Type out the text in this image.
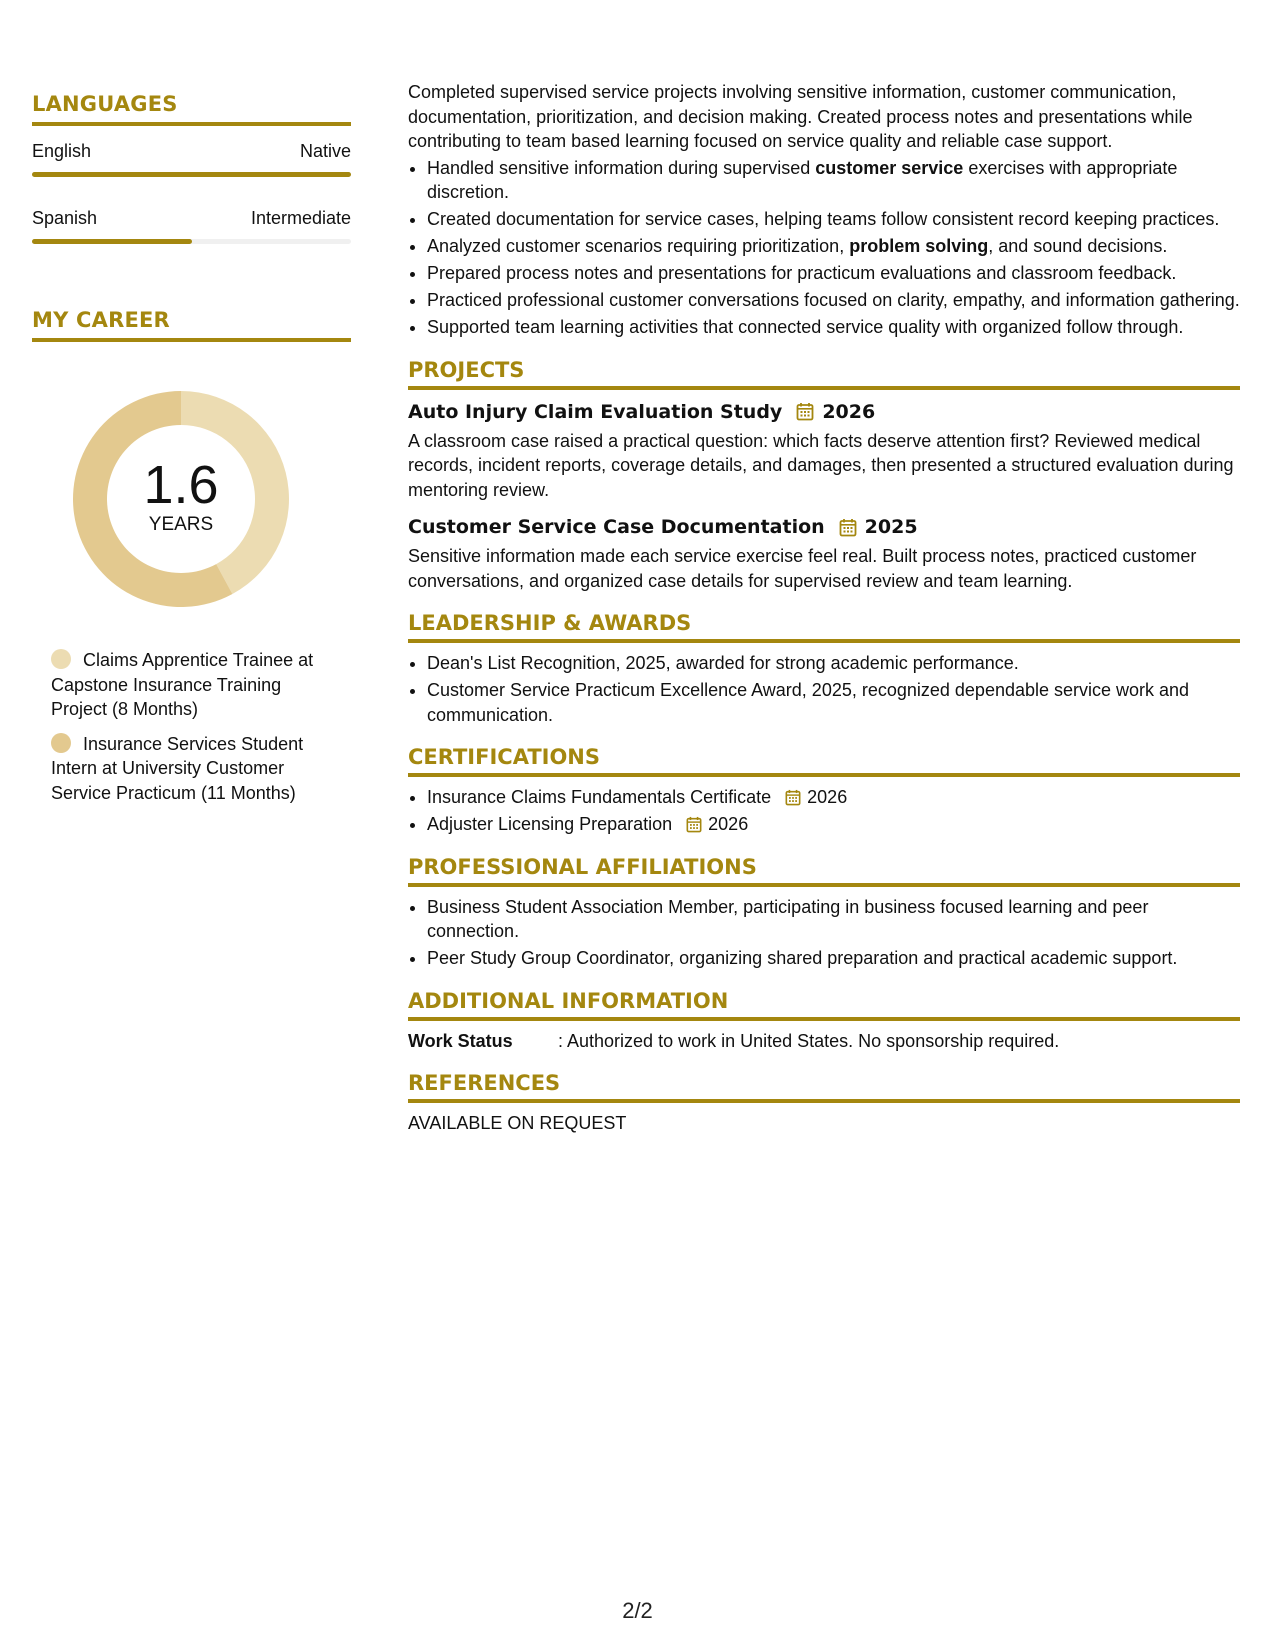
LANGUAGES
English	Native
Spanish	Intermediate
MY CAREER
1.6
YEARS
Claims Apprentice Trainee at Capstone Insurance Training Project (8 Months)
Insurance Services Student Intern at University Customer Service Practicum (11 Months)

Completed supervised service projects involving sensitive information, customer communication, documentation, prioritization, and decision making. Created process notes and presentations while contributing to team based learning focused on service quality and reliable case support.

• Handled sensitive information during supervised customer service exercises with appropriate discretion.
• Created documentation for service cases, helping teams follow consistent record keeping practices.
• Analyzed customer scenarios requiring prioritization, problem solving, and sound decisions.
• Prepared process notes and presentations for practicum evaluations and classroom feedback.
• Practiced professional customer conversations focused on clarity, empathy, and information gathering.
• Supported team learning activities that connected service quality with organized follow through.
PROJECTS
Auto Injury Claim Evaluation Study 2026
A classroom case raised a practical question: which facts deserve attention first? Reviewed medical records, incident reports, coverage details, and damages, then presented a structured evaluation during mentoring review.
Customer Service Case Documentation 2025
Sensitive information made each service exercise feel real. Built process notes, practiced customer conversations, and organized case details for supervised review and team learning.
LEADERSHIP & AWARDS
• Dean's List Recognition, 2025, awarded for strong academic performance.
• Customer Service Practicum Excellence Award, 2025, recognized dependable service work and communication.
CERTIFICATIONS
• Insurance Claims Fundamentals Certificate 2026
• Adjuster Licensing Preparation 2026
PROFESSIONAL AFFILIATIONS
• Business Student Association Member, participating in business focused learning and peer connection.
• Peer Study Group Coordinator, organizing shared preparation and practical academic support.
ADDITIONAL INFORMATION
Work Status	: Authorized to work in United States. No sponsorship required.
REFERENCES
AVAILABLE ON REQUEST
2/2
